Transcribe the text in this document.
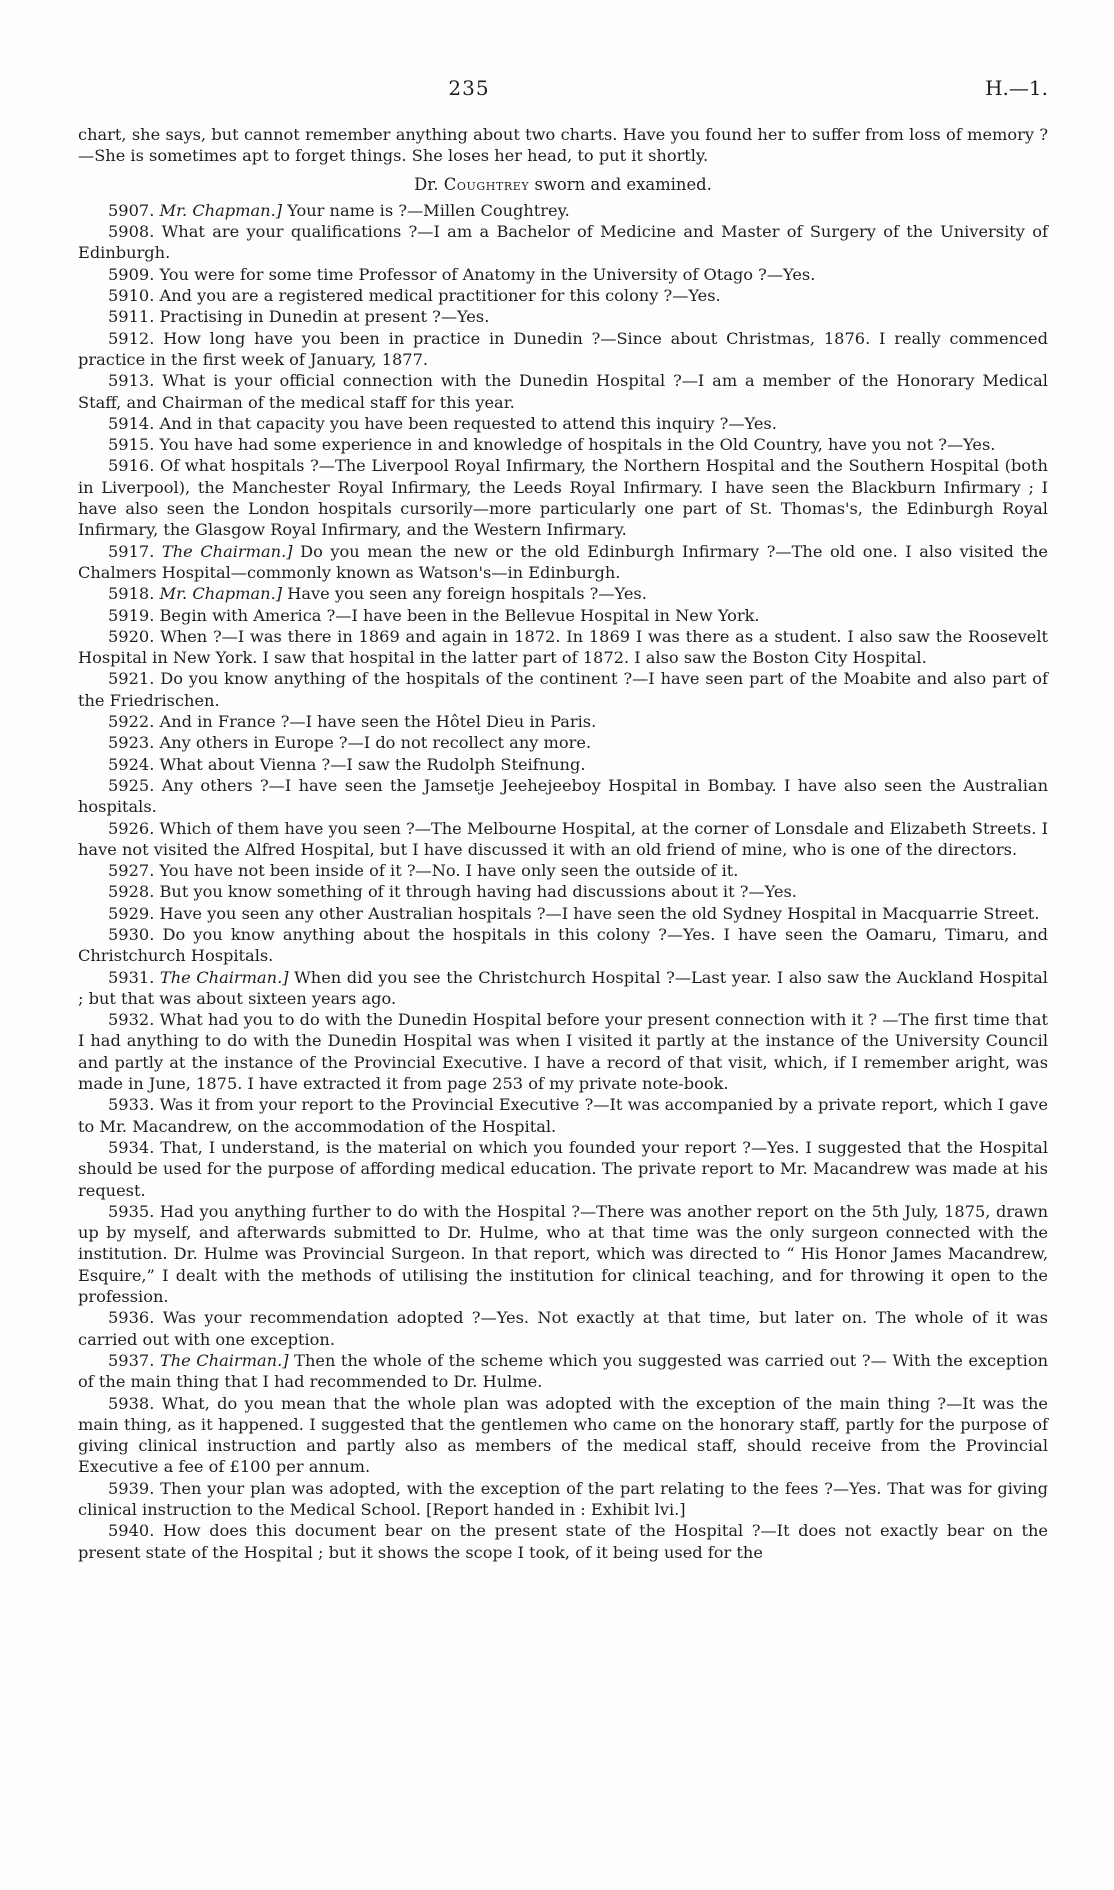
235	H.—1.

chart, she says, but cannot remember anything about two charts. Have you found her to suffer from loss of memory ?—She is sometimes apt to forget things. She loses her head, to put it shortly.

Dr. Coughtrey sworn and examined.

5907. Mr. Chapman.] Your name is ?—Millen Coughtrey.

5908. What are your qualifications ?—I am a Bachelor of Medicine and Master of Surgery of the University of Edinburgh.

5909. You were for some time Professor of Anatomy in the University of Otago ?—Yes.

5910. And you are a registered medical practitioner for this colony ?—Yes.

5911. Practising in Dunedin at present ?—Yes.

5912. How long have you been in practice in Dunedin ?—Since about Christmas, 1876. I really commenced practice in the first week of January, 1877.

5913. What is your official connection with the Dunedin Hospital ?—I am a member of the Honorary Medical Staff, and Chairman of the medical staff for this year.

5914. And in that capacity you have been requested to attend this inquiry ?—Yes.

5915. You have had some experience in and knowledge of hospitals in the Old Country, have you not ?—Yes.

5916. Of what hospitals ?—The Liverpool Royal Infirmary, the Northern Hospital and the Southern Hospital (both in Liverpool), the Manchester Royal Infirmary, the Leeds Royal Infirmary. I have seen the Blackburn Infirmary ; I have also seen the London hospitals cursorily—more particularly one part of St. Thomas's, the Edinburgh Royal Infirmary, the Glasgow Royal Infirmary, and the Western Infirmary.

5917. The Chairman.] Do you mean the new or the old Edinburgh Infirmary ?—The old one. I also visited the Chalmers Hospital—commonly known as Watson's—in Edinburgh.

5918. Mr. Chapman.] Have you seen any foreign hospitals ?—Yes.

5919. Begin with America ?—I have been in the Bellevue Hospital in New York.

5920. When ?—I was there in 1869 and again in 1872. In 1869 I was there as a student. I also saw the Roosevelt Hospital in New York. I saw that hospital in the latter part of 1872. I also saw the Boston City Hospital.

5921. Do you know anything of the hospitals of the continent ?—I have seen part of the Moabite and also part of the Friedrischen.

5922. And in France ?—I have seen the Hôtel Dieu in Paris.

5923. Any others in Europe ?—I do not recollect any more.

5924. What about Vienna ?—I saw the Rudolph Steifnung.

5925. Any others ?—I have seen the Jamsetje Jeehejeeboy Hospital in Bombay. I have also seen the Australian hospitals.

5926. Which of them have you seen ?—The Melbourne Hospital, at the corner of Lonsdale and Elizabeth Streets. I have not visited the Alfred Hospital, but I have discussed it with an old friend of mine, who is one of the directors.

5927. You have not been inside of it ?—No. I have only seen the outside of it.

5928. But you know something of it through having had discussions about it ?—Yes.

5929. Have you seen any other Australian hospitals ?—I have seen the old Sydney Hospital in Macquarrie Street.

5930. Do you know anything about the hospitals in this colony ?—Yes. I have seen the Oamaru, Timaru, and Christchurch Hospitals.

5931. The Chairman.] When did you see the Christchurch Hospital ?—Last year. I also saw the Auckland Hospital ; but that was about sixteen years ago.

5932. What had you to do with the Dunedin Hospital before your present connection with it ? —The first time that I had anything to do with the Dunedin Hospital was when I visited it partly at the instance of the University Council and partly at the instance of the Provincial Executive. I have a record of that visit, which, if I remember aright, was made in June, 1875. I have extracted it from page 253 of my private note-book.

5933. Was it from your report to the Provincial Executive ?—It was accompanied by a private report, which I gave to Mr. Macandrew, on the accommodation of the Hospital.

5934. That, I understand, is the material on which you founded your report ?—Yes. I suggested that the Hospital should be used for the purpose of affording medical education. The private report to Mr. Macandrew was made at his request.

5935. Had you anything further to do with the Hospital ?—There was another report on the 5th July, 1875, drawn up by myself, and afterwards submitted to Dr. Hulme, who at that time was the only surgeon connected with the institution. Dr. Hulme was Provincial Surgeon. In that report, which was directed to “ His Honor James Macandrew, Esquire,” I dealt with the methods of utilising the institution for clinical teaching, and for throwing it open to the profession.

5936. Was your recommendation adopted ?—Yes. Not exactly at that time, but later on. The whole of it was carried out with one exception.

5937. The Chairman.] Then the whole of the scheme which you suggested was carried out ?— With the exception of the main thing that I had recommended to Dr. Hulme.

5938. What, do you mean that the whole plan was adopted with the exception of the main thing ?—It was the main thing, as it happened. I suggested that the gentlemen who came on the honorary staff, partly for the purpose of giving clinical instruction and partly also as members of the medical staff, should receive from the Provincial Executive a fee of £100 per annum.

5939. Then your plan was adopted, with the exception of the part relating to the fees ?—Yes. That was for giving clinical instruction to the Medical School. [Report handed in : Exhibit lvi.]

5940. How does this document bear on the present state of the Hospital ?—It does not exactly bear on the present state of the Hospital ; but it shows the scope I took, of it being used for the
